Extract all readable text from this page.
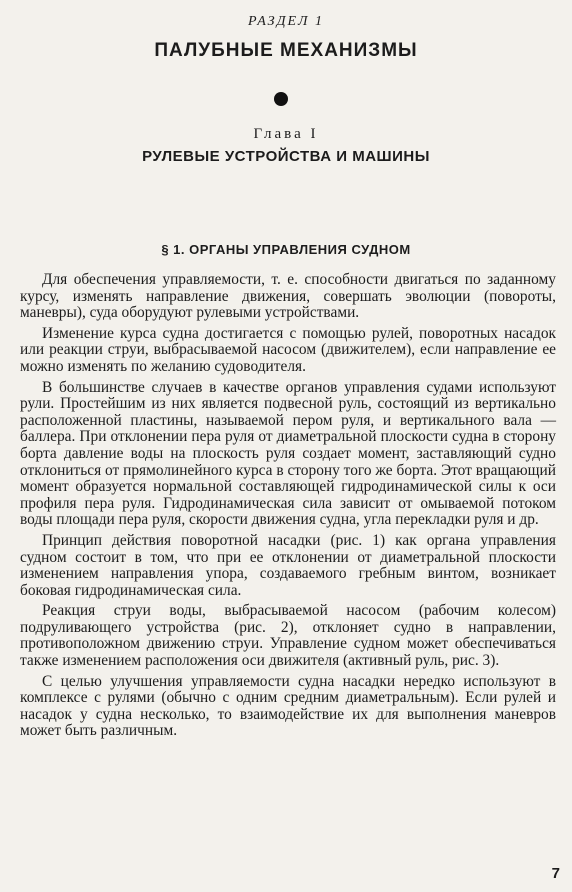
РАЗДЕЛ 1
ПАЛУБНЫЕ МЕХАНИЗМЫ
Глава I
РУЛЕВЫЕ УСТРОЙСТВА И МАШИНЫ
§ 1. ОРГАНЫ УПРАВЛЕНИЯ СУДНОМ

Для обеспечения управляемости, т. е. способности двигаться по заданному курсу, изменять направление движения, совершать эволюции (повороты, маневры), суда оборудуют рулевыми устройствами.

Изменение курса судна достигается с помощью рулей, поворотных насадок или реакции струи, выбрасываемой насосом (движителем), если направление ее можно изменять по желанию судоводителя.

В большинстве случаев в качестве органов управления судами используют рули. Простейшим из них является подвесной руль, состоящий из вертикально расположенной пластины, называемой пером руля, и вертикального вала — баллера. При отклонении пера руля от диаметральной плоскости судна в сторону борта давление воды на плоскость руля создает момент, заставляющий судно отклониться от прямолинейного курса в сторону того же борта. Этот вращающий момент образуется нормальной составляющей гидродинамической силы к оси профиля пера руля. Гидродинамическая сила зависит от омываемой потоком воды площади пера руля, скорости движения судна, угла перекладки руля и др.

Принцип действия поворотной насадки (рис. 1) как органа управления судном состоит в том, что при ее отклонении от диаметральной плоскости изменением направления упора, создаваемого гребным винтом, возникает боковая гидродинамическая сила.

Реакция струи воды, выбрасываемой насосом (рабочим колесом) подруливающего устройства (рис. 2), отклоняет судно в направлении, противоположном движению струи. Управление судном может обеспечиваться также изменением расположения оси движителя (активный руль, рис. 3).

С целью улучшения управляемости судна насадки нередко используют в комплексе с рулями (обычно с одним средним диаметральным). Если рулей и насадок у судна несколько, то взаимодействие их для выполнения маневров может быть различным.

7
